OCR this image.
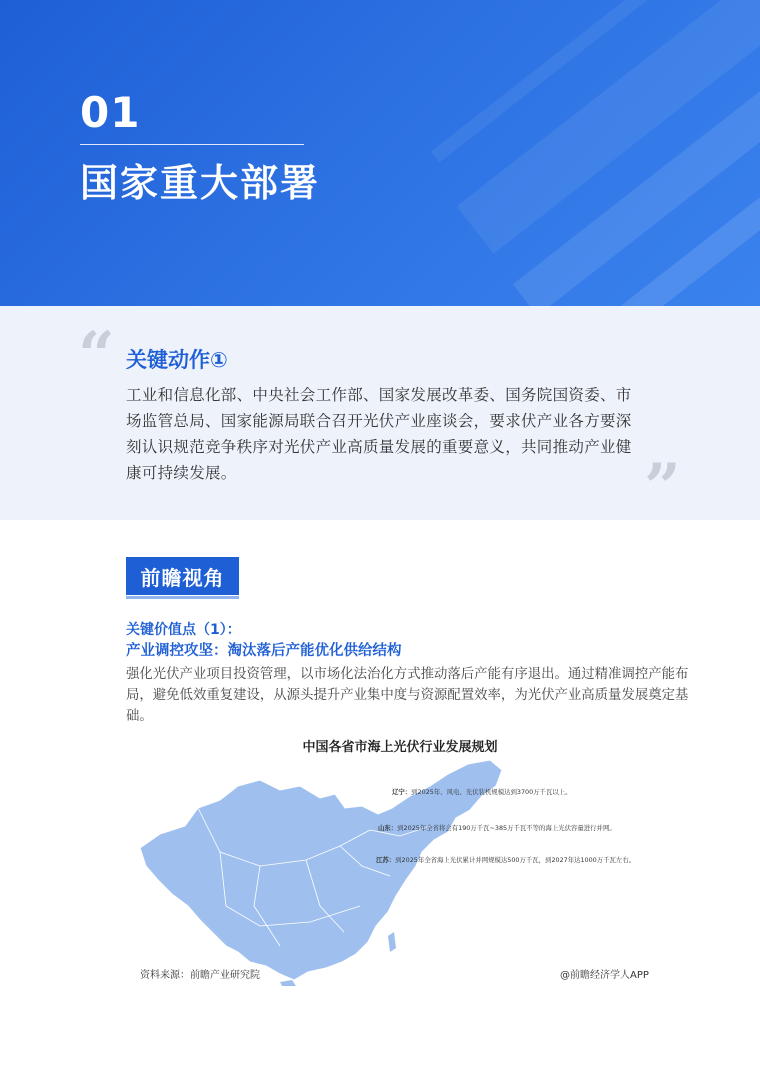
01
国家重大部署
“ 关键动作①
工业和信息化部、中央社会工作部、国家发展改革委、国务院国资委、市场监管总局、国家能源局联合召开光伏产业座谈会，要求伏产业各方要深刻认识规范竞争秩序对光伏产业高质量发展的重要意义，共同推动产业健康可持续发展。	”
前瞻视角
关键价值点（1）：
产业调控攻坚：淘汰落后产能优化供给结构
强化光伏产业项目投资管理，以市场化法治化方式推动落后产能有序退出。通过精准调控产能布局，避免低效重复建设，从源头提升产业集中度与资源配置效率，为光伏产业高质量发展奠定基础。
中国各省市海上光伏行业发展规划
辽宁：到2025年、风电、光伏装机规模达到3700万千瓦以上。
山东：到2025年全省将会有190万千瓦~385万千瓦不等的海上光伏容量进行并网。
江苏：到2025年全省海上光伏累计并网规模达500万千瓦，到2027年达1000万千瓦左右。
资料来源：前瞻产业研究院	@前瞻经济学人APP
